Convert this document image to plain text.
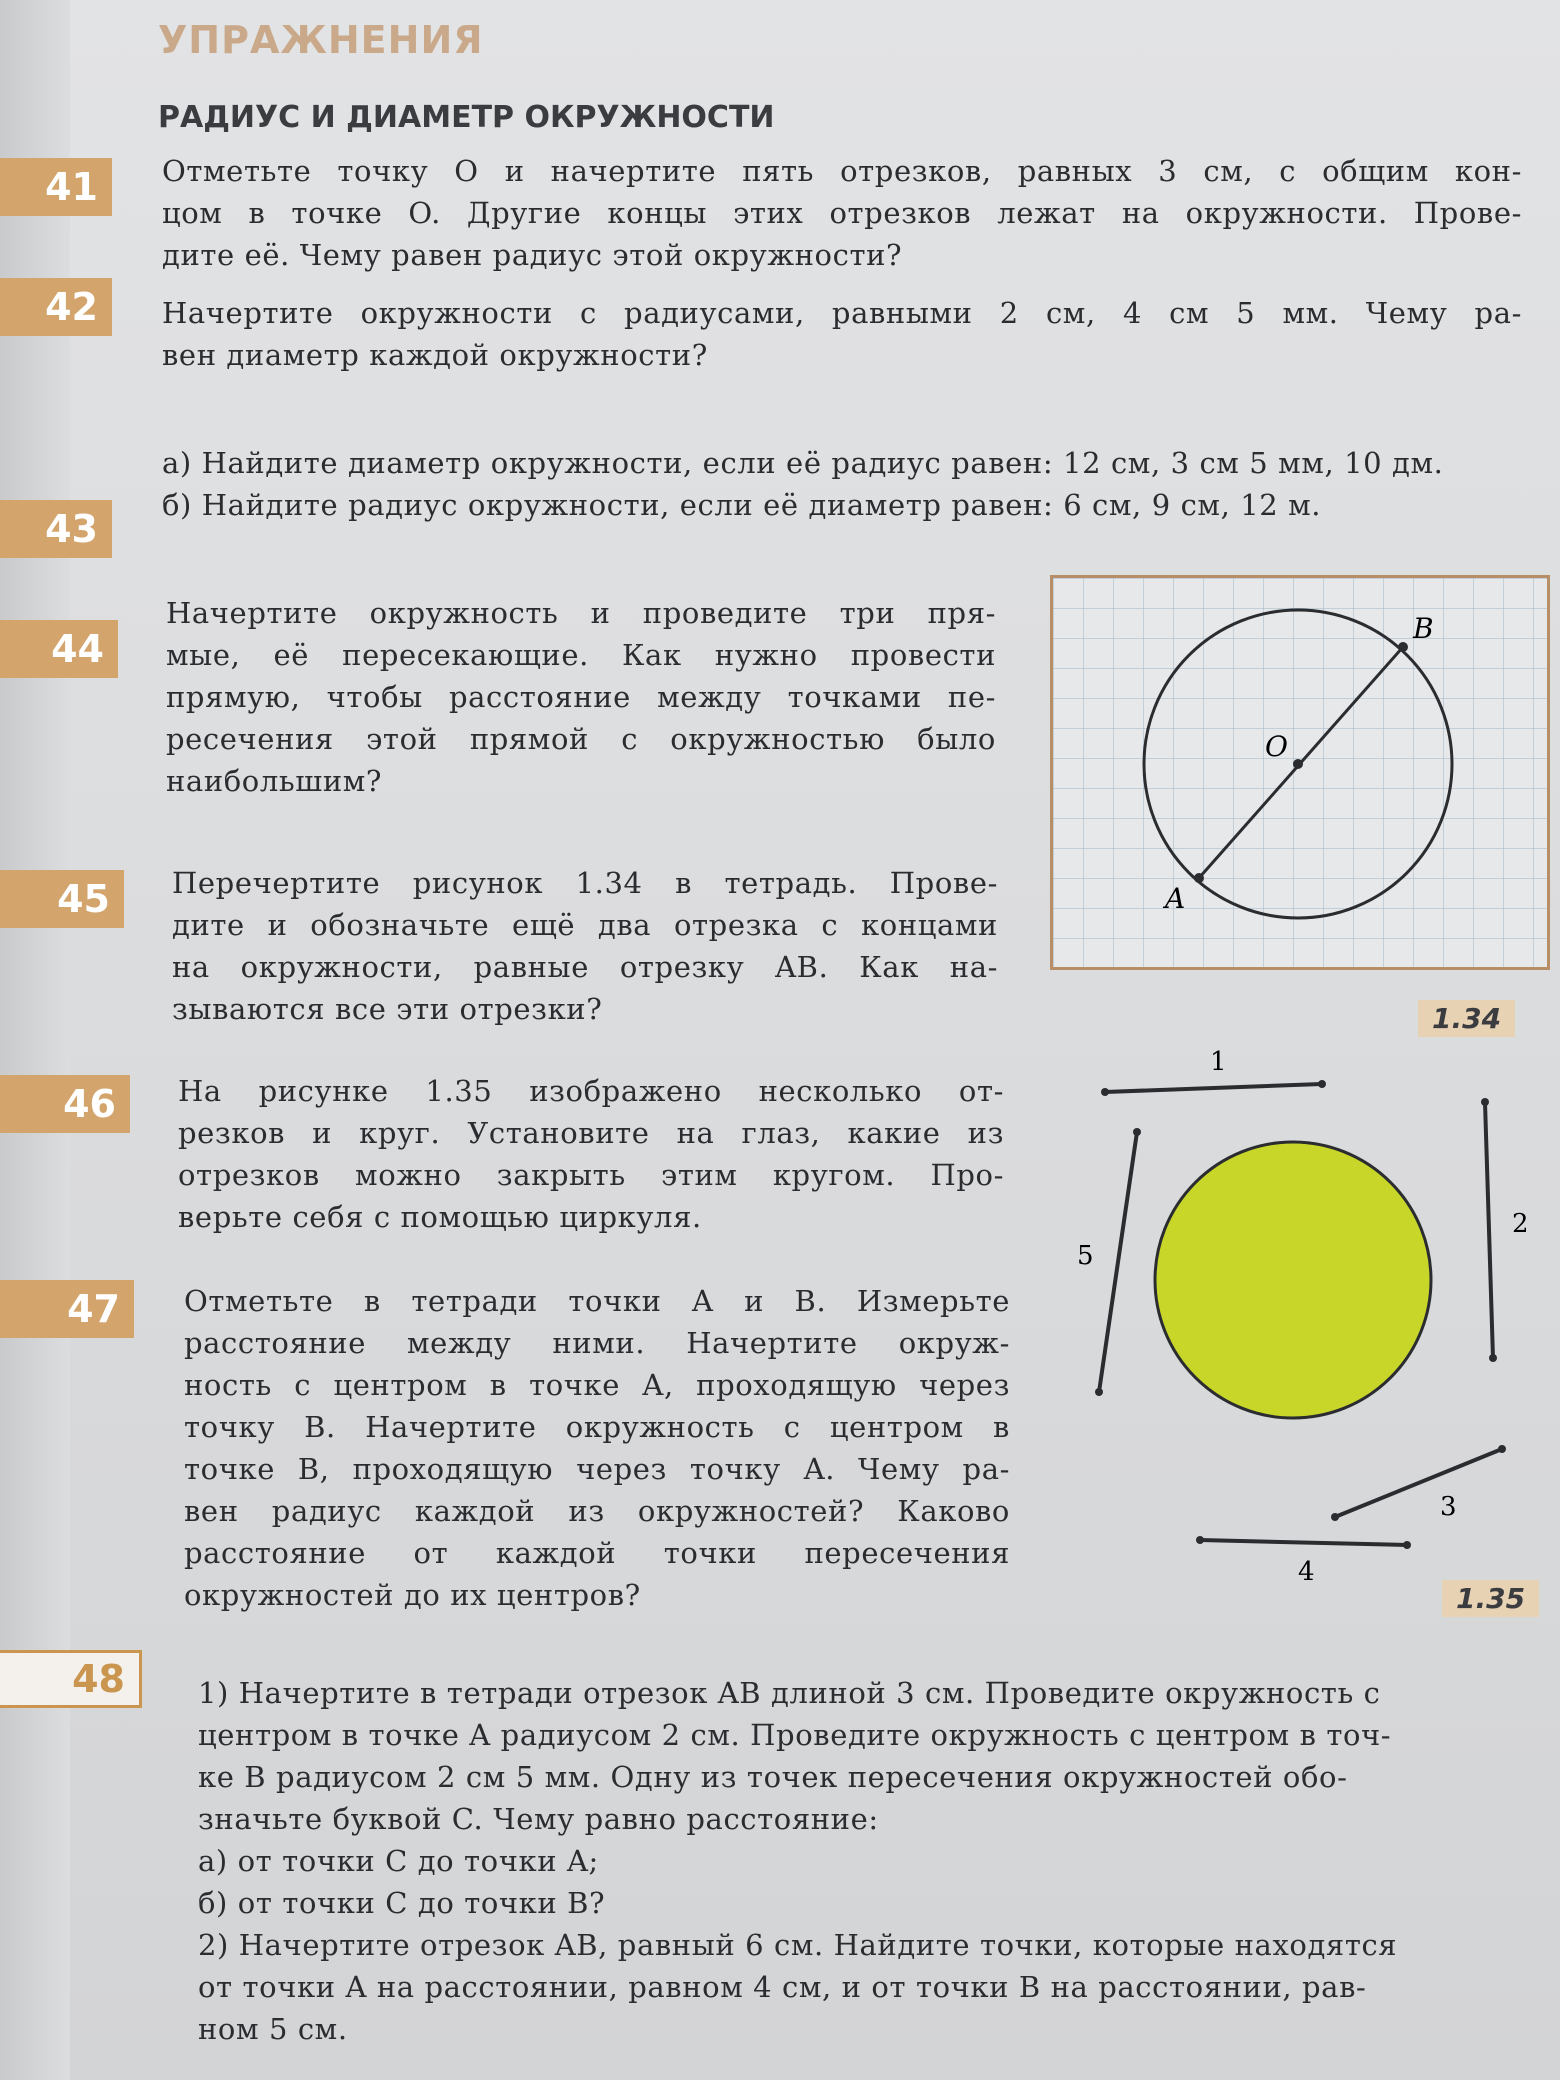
УПРАЖНЕНИЯ
РАДИУС И ДИАМЕТР ОКРУЖНОСТИ
41	Отметьте точку O и начертите пять отрезков, равных 3 см, с общим кон-
цом в точке O. Другие концы этих отрезков лежат на окружности. Прове-
дите её. Чему равен радиус этой окружности?
42	Начертите окружности с радиусами, равными 2 см, 4 см 5 мм. Чему ра-
вен диаметр каждой окружности?
43
а) Найдите диаметр окружности, если её радиус равен: 12 см, 3 см 5 мм, 10 дм.
б) Найдите радиус окружности, если её диаметр равен: 6 см, 9 см, 12 м.
44
Начертите окружность и проведите три пря-
мые, её пересекающие. Как нужно провести
прямую, чтобы расстояние между точками пе-
ресечения этой прямой с окружностью было
наибольшим?
45	Перечертите рисунок 1.34 в тетрадь. Прове-
дите и обозначьте ещё два отрезка с концами
на окружности, равные отрезку AB. Как на-
зываются все эти отрезки?
B
O
A
1.34
46	На рисунке 1.35 изображено несколько от-
резков и круг. Установите на глаз, какие из
отрезков можно закрыть этим кругом. Про-
верьте себя с помощью циркуля.
1
2
3
4
5
1.35
47	Отметьте в тетради точки A и B. Измерьте
расстояние между ними. Начертите окруж-
ность с центром в точке A, проходящую через
точку B. Начертите окружность с центром в
точке B, проходящую через точку A. Чему ра-
вен радиус каждой из окружностей? Каково
расстояние от каждой точки пересечения
окружностей до их центров?
48	1) Начертите в тетради отрезок AB длиной 3 см. Проведите окружность с
центром в точке A радиусом 2 см. Проведите окружность с центром в точ-
ке B радиусом 2 см 5 мм. Одну из точек пересечения окружностей обо-
значьте буквой C. Чему равно расстояние:
а) от точки C до точки A;
б) от точки C до точки B?
2) Начертите отрезок AB, равный 6 см. Найдите точки, которые находятся
от точки A на расстоянии, равном 4 см, и от точки B на расстоянии, рав-
ном 5 см.
